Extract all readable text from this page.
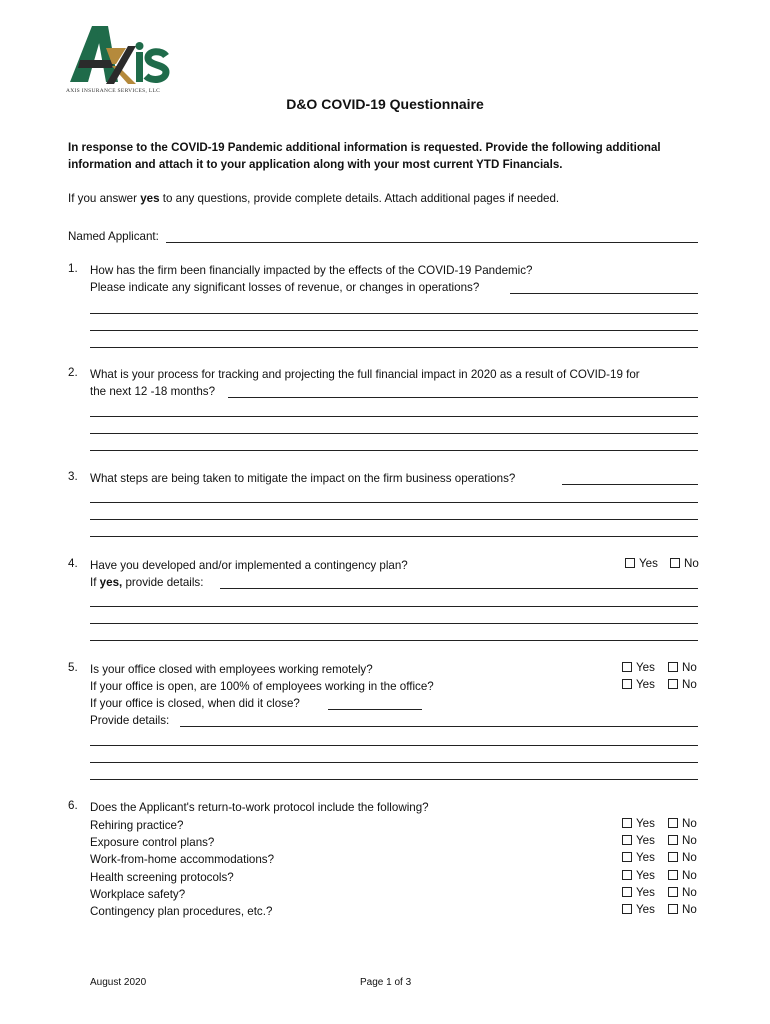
AXIS INSURANCE SERVICES, LLC
D&O COVID-19 Questionnaire
In response to the COVID-19 Pandemic additional information is requested. Provide the following additional information and attach it to your application along with your most current YTD Financials.
If you answer yes to any questions, provide complete details. Attach additional pages if needed.
Named Applicant:
1. How has the firm been financially impacted by the effects of the COVID-19 Pandemic?
Please indicate any significant losses of revenue, or changes in operations?
2. What is your process for tracking and projecting the full financial impact in 2020 as a result of COVID-19 for
the next 12 -18 months?
3. What steps are being taken to mitigate the impact on the firm business operations?
4. Have you developed and/or implemented a contingency plan?	Yes	No
If yes, provide details:
5. Is your office closed with employees working remotely?	Yes	No
If your office is open, are 100% of employees working in the office?	Yes	No
If your office is closed, when did it close?
Provide details:
6. Does the Applicant's return-to-work protocol include the following?
Rehiring practice?	Yes	No
Exposure control plans?	Yes	No
Work-from-home accommodations?	Yes	No
Health screening protocols?	Yes	No
Workplace safety?	Yes	No
Contingency plan procedures, etc.?	Yes	No
August 2020	Page 1 of 3
